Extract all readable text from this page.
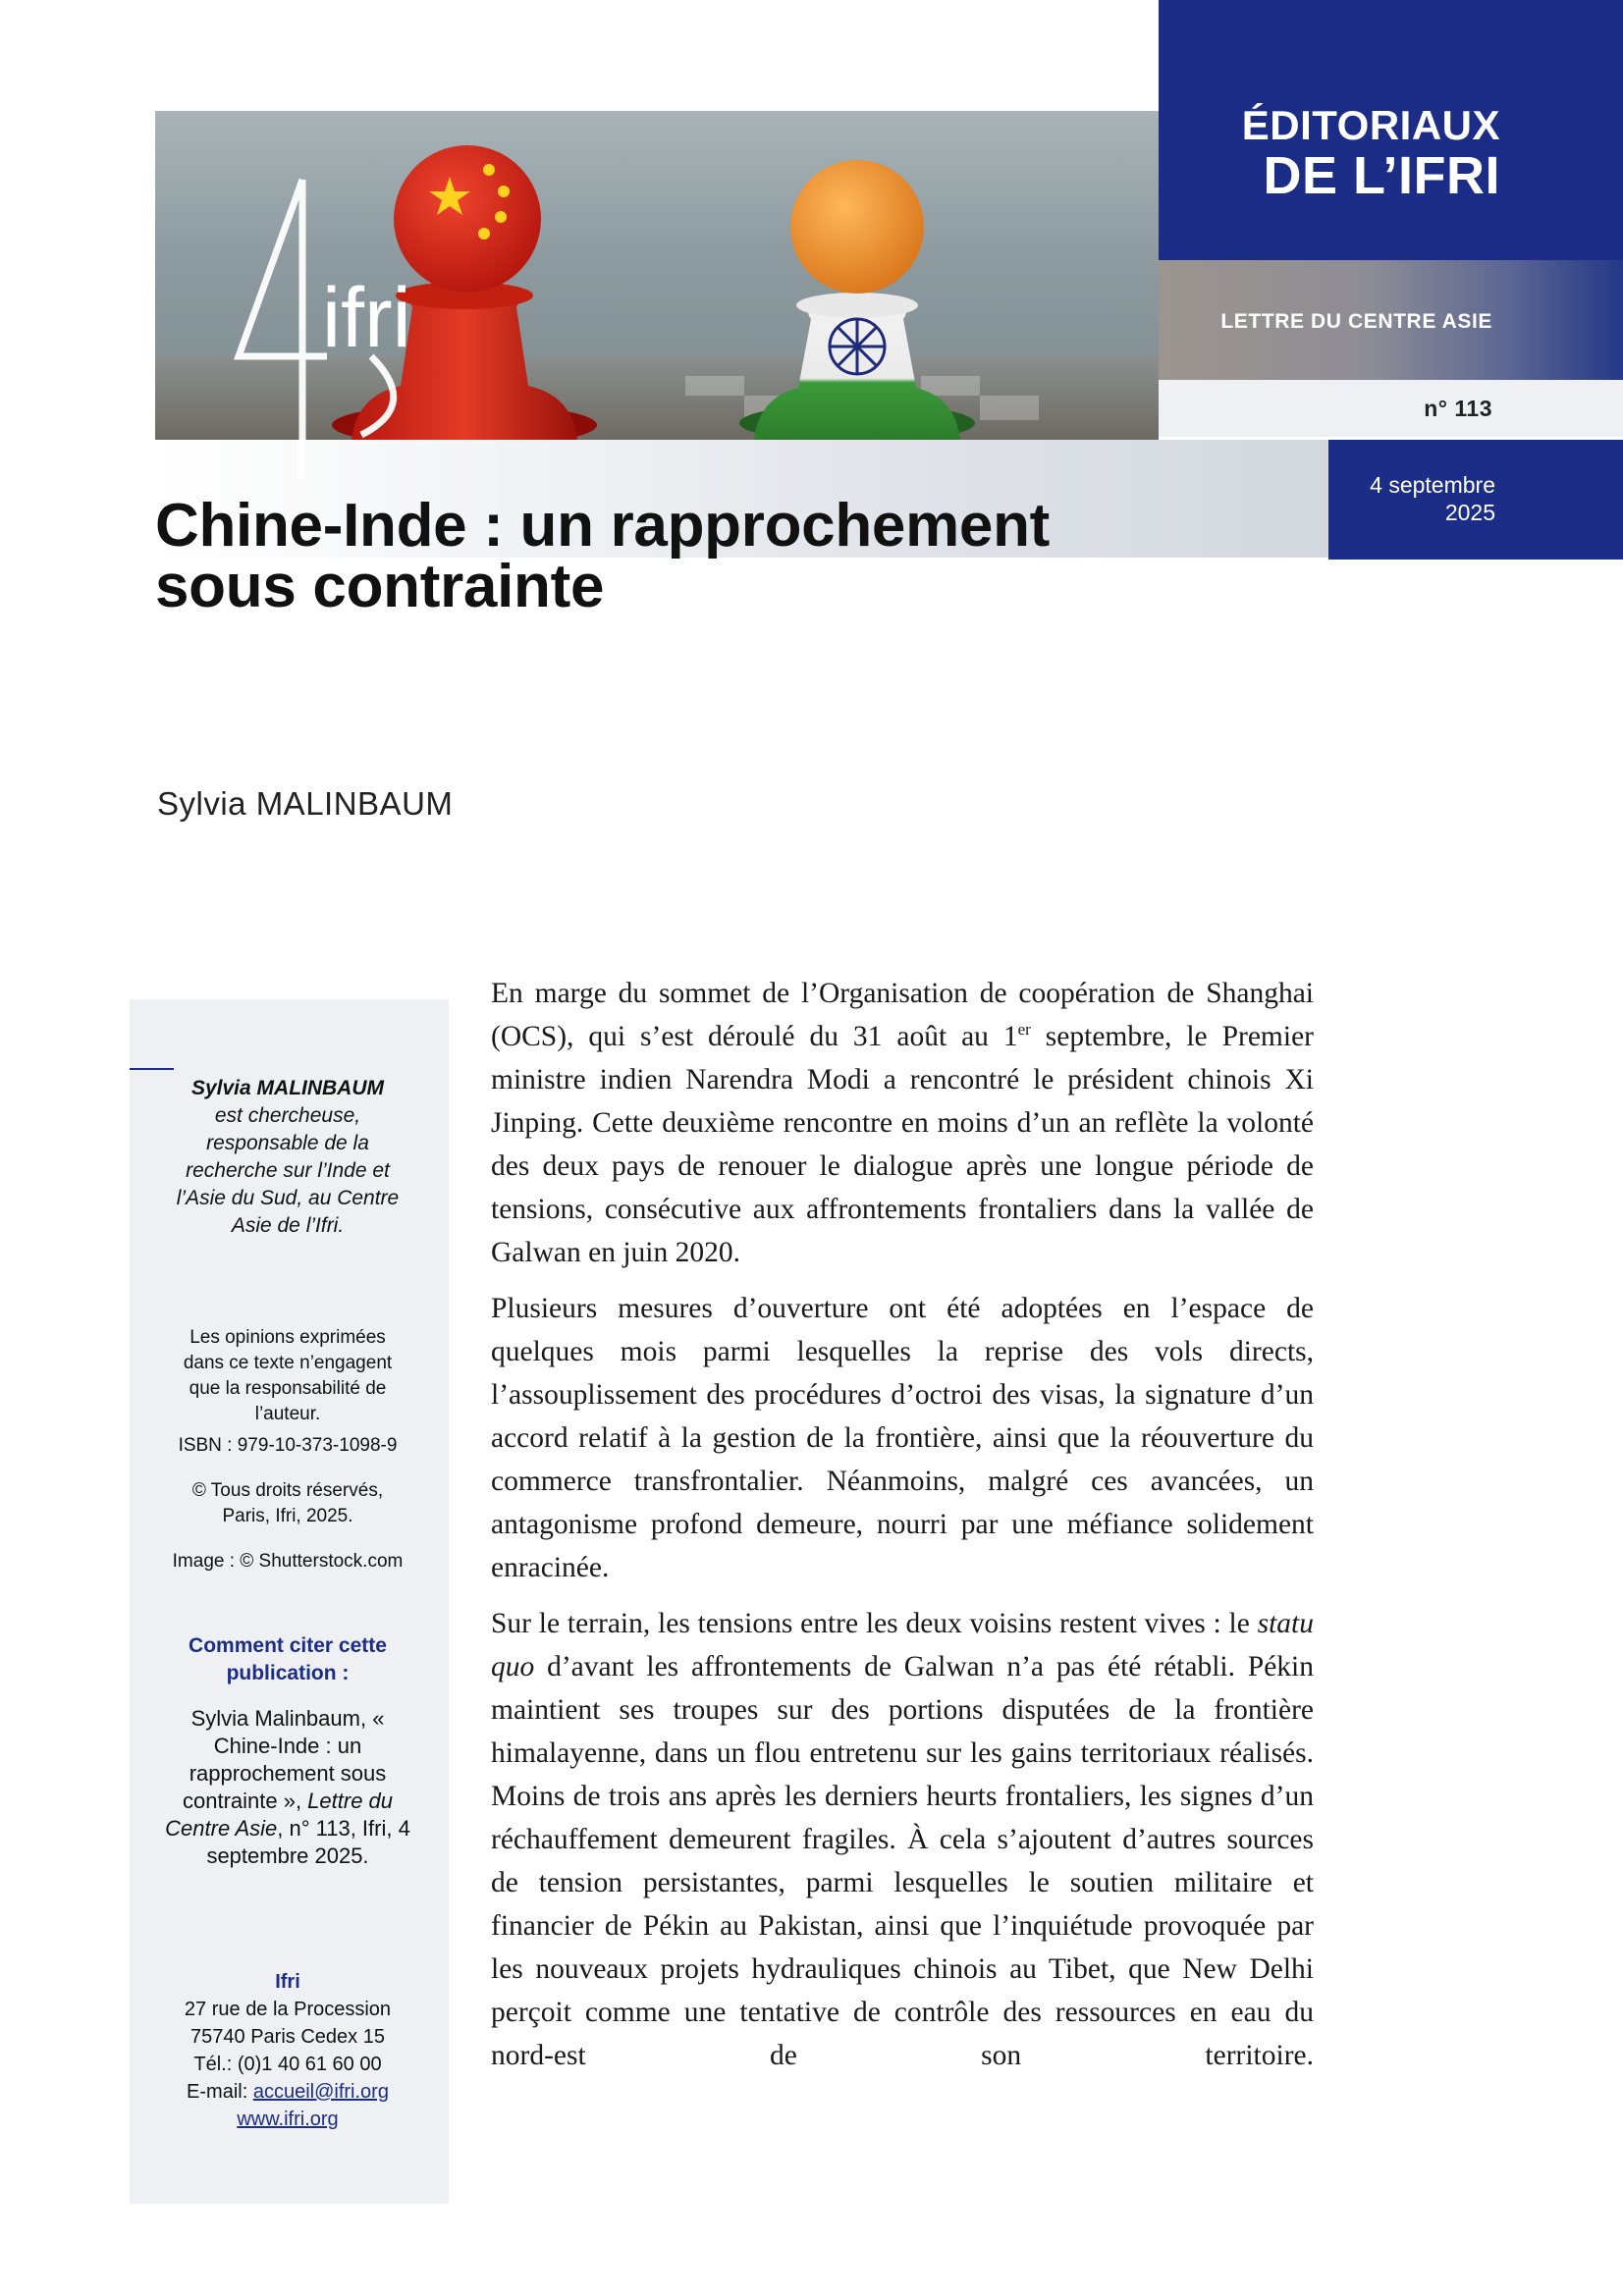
ifri
ÉDITORIAUX
DE L’IFRI
LETTRE DU CENTRE ASIE
n° 113
4 septembre
2025
Chine-Inde : un rapprochement
sous contrainte
Sylvia MALINBAUM
Sylvia MALINBAUM
est chercheuse, responsable de la recherche sur l’Inde et l’Asie du Sud, au Centre Asie de l’Ifri.
Les opinions exprimées dans ce texte n’engagent que la responsabilité de l’auteur.
ISBN : 979-10-373-1098-9
© Tous droits réservés, Paris, Ifri, 2025.
Image : © Shutterstock.com
Comment citer cette publication :
Sylvia Malinbaum, « Chine-Inde : un rapprochement sous contrainte », Lettre du Centre Asie, n° 113, Ifri, 4 septembre 2025.
Ifri
27 rue de la Procession
75740 Paris Cedex 15
Tél.: (0)1 40 61 60 00
E-mail: accueil@ifri.org
www.ifri.org

En marge du sommet de l’Organisation de coopération de Shanghai (OCS), qui s’est déroulé du 31 août au 1er septembre, le Premier ministre indien Narendra Modi a rencontré le président chinois Xi Jinping. Cette deuxième rencontre en moins d’un an reflète la volonté des deux pays de renouer le dialogue après une longue période de tensions, consécutive aux affrontements frontaliers dans la vallée de Galwan en juin 2020.

Plusieurs mesures d’ouverture ont été adoptées en l’espace de quelques mois parmi lesquelles la reprise des vols directs, l’assouplissement des procédures d’octroi des visas, la signature d’un accord relatif à la gestion de la frontière, ainsi que la réouverture du commerce transfrontalier. Néanmoins, malgré ces avancées, un antagonisme profond demeure, nourri par une méfiance solidement enracinée.

Sur le terrain, les tensions entre les deux voisins restent vives : le statu quo d’avant les affrontements de Galwan n’a pas été rétabli. Pékin maintient ses troupes sur des portions disputées de la frontière himalayenne, dans un flou entretenu sur les gains territoriaux réalisés. Moins de trois ans après les derniers heurts frontaliers, les signes d’un réchauffement demeurent fragiles. À cela s’ajoutent d’autres sources de tension persistantes, parmi lesquelles le soutien militaire et financier de Pékin au Pakistan, ainsi que l’inquiétude provoquée par les nouveaux projets hydrauliques chinois au Tibet, que New Delhi perçoit comme une tentative de contrôle des ressources en eau du nord-est de son territoire.
